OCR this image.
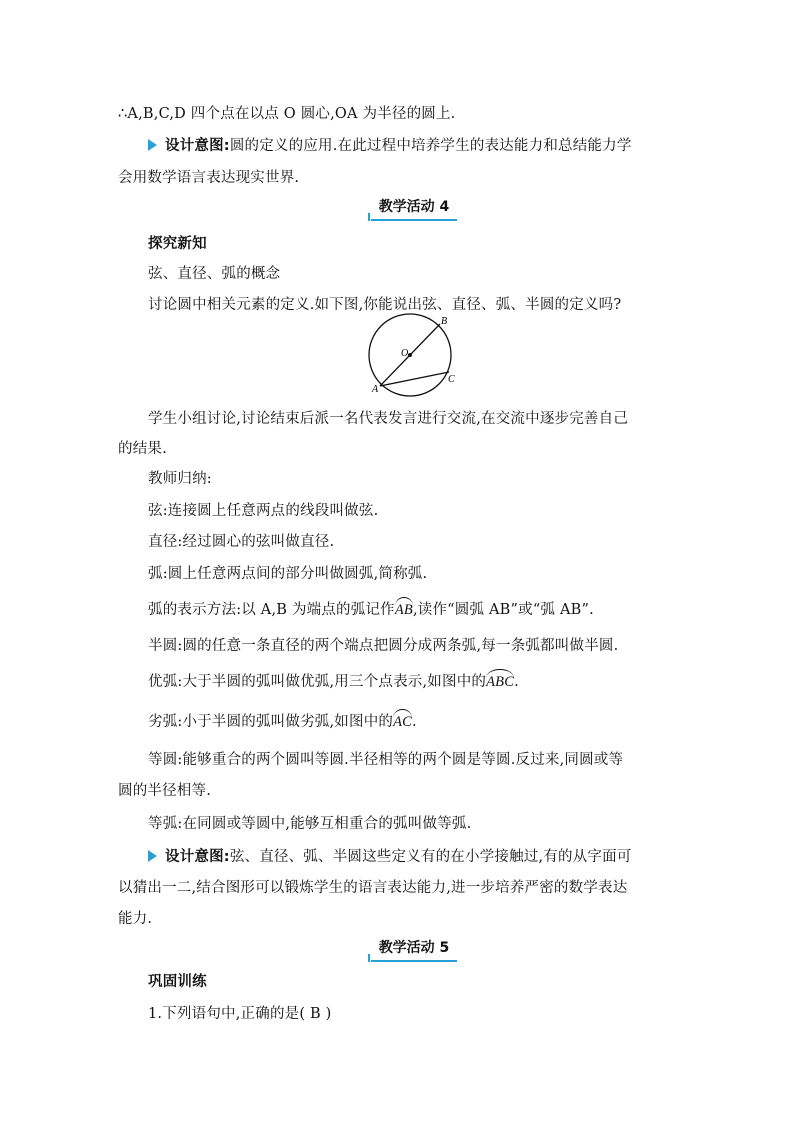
∴A,B,C,D 四个点在以点 O 圆心,OA 为半径的圆上.
设计意图:圆的定义的应用.在此过程中培养学生的表达能力和总结能力学
会用数学语言表达现实世界.
教学活动 4
探究新知
弦、直径、弧的概念
讨论圆中相关元素的定义.如下图,你能说出弦、直径、弧、半圆的定义吗?
O
A
B
C
学生小组讨论,讨论结束后派一名代表发言进行交流,在交流中逐步完善自己
的结果.
教师归纳:
弦:连接圆上任意两点的线段叫做弦.
直径:经过圆心的弦叫做直径.
弧:圆上任意两点间的部分叫做圆弧,简称弧.
弧的表示方法:以 A,B 为端点的弧记作AB,读作“圆弧 AB”或“弧 AB”.
半圆:圆的任意一条直径的两个端点把圆分成两条弧,每一条弧都叫做半圆.
优弧:大于半圆的弧叫做优弧,用三个点表示,如图中的ABC.
劣弧:小于半圆的弧叫做劣弧,如图中的AC.
等圆:能够重合的两个圆叫等圆.半径相等的两个圆是等圆.反过来,同圆或等
圆的半径相等.
等弧:在同圆或等圆中,能够互相重合的弧叫做等弧.
设计意图:弦、直径、弧、半圆这些定义有的在小学接触过,有的从字面可
以猜出一二,结合图形可以锻炼学生的语言表达能力,进一步培养严密的数学表达
能力.
教学活动 5
巩固训练
1.下列语句中,正确的是( B )
